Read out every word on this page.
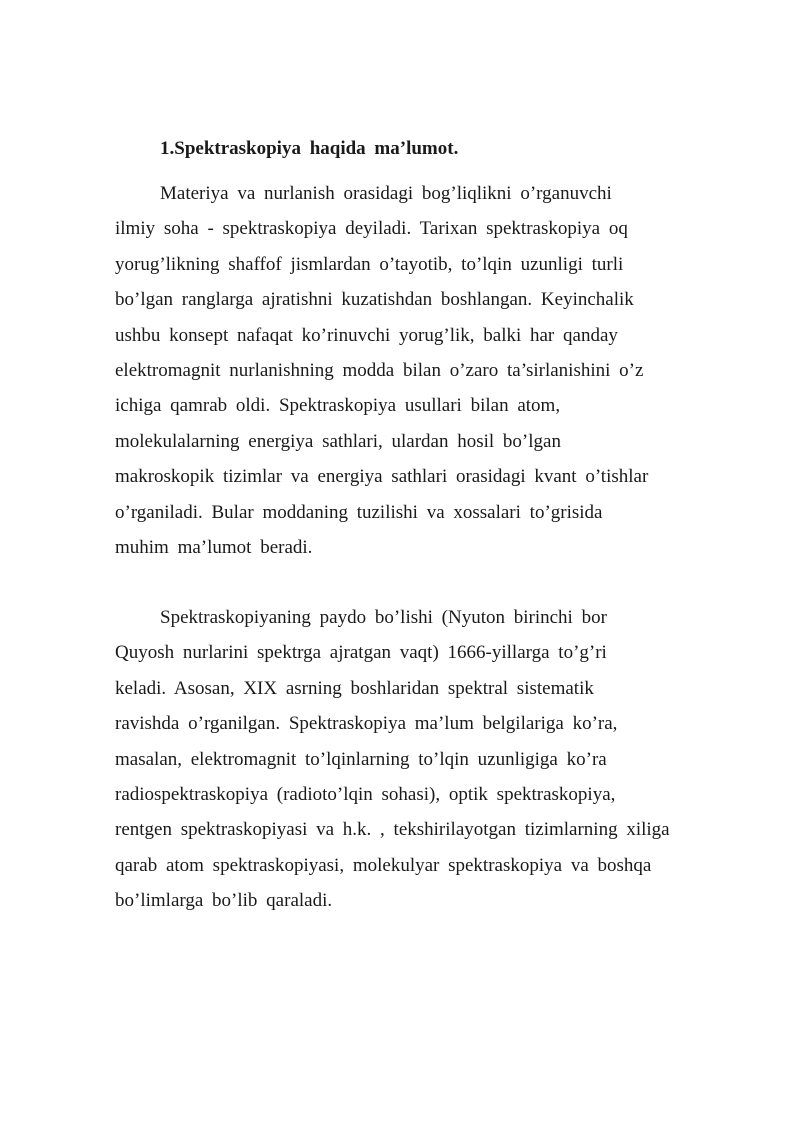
1.Spektraskopiya haqida ma’lumot.
Materiya va nurlanish orasidagi bog’liqlikni o’rganuvchi
ilmiy soha - spektraskopiya deyiladi. Tarixan spektraskopiya oq
yorug’likning shaffof jismlardan o’tayotib, to’lqin uzunligi turli
bo’lgan ranglarga ajratishni kuzatishdan boshlangan. Keyinchalik
ushbu konsept nafaqat ko’rinuvchi yorug’lik, balki har qanday
elektromagnit nurlanishning modda bilan o’zaro ta’sirlanishini o’z
ichiga qamrab oldi. Spektraskopiya usullari bilan atom,
molekulalarning energiya sathlari, ulardan hosil bo’lgan
makroskopik tizimlar va energiya sathlari orasidagi kvant o’tishlar
o’rganiladi. Bular moddaning tuzilishi va xossalari to’grisida
muhim ma’lumot beradi.
Spektraskopiyaning paydo bo’lishi (Nyuton birinchi bor
Quyosh nurlarini spektrga ajratgan vaqt) 1666-yillarga to’g’ri
keladi. Asosan, XIX asrning boshlaridan spektral sistematik
ravishda o’rganilgan. Spektraskopiya ma’lum belgilariga ko’ra,
masalan, elektromagnit to’lqinlarning to’lqin uzunligiga ko’ra
radiospektraskopiya (radioto’lqin sohasi), optik spektraskopiya,
rentgen spektraskopiyasi va h.k. , tekshirilayotgan tizimlarning xiliga
qarab atom spektraskopiyasi, molekulyar spektraskopiya va boshqa
bo’limlarga bo’lib qaraladi.
